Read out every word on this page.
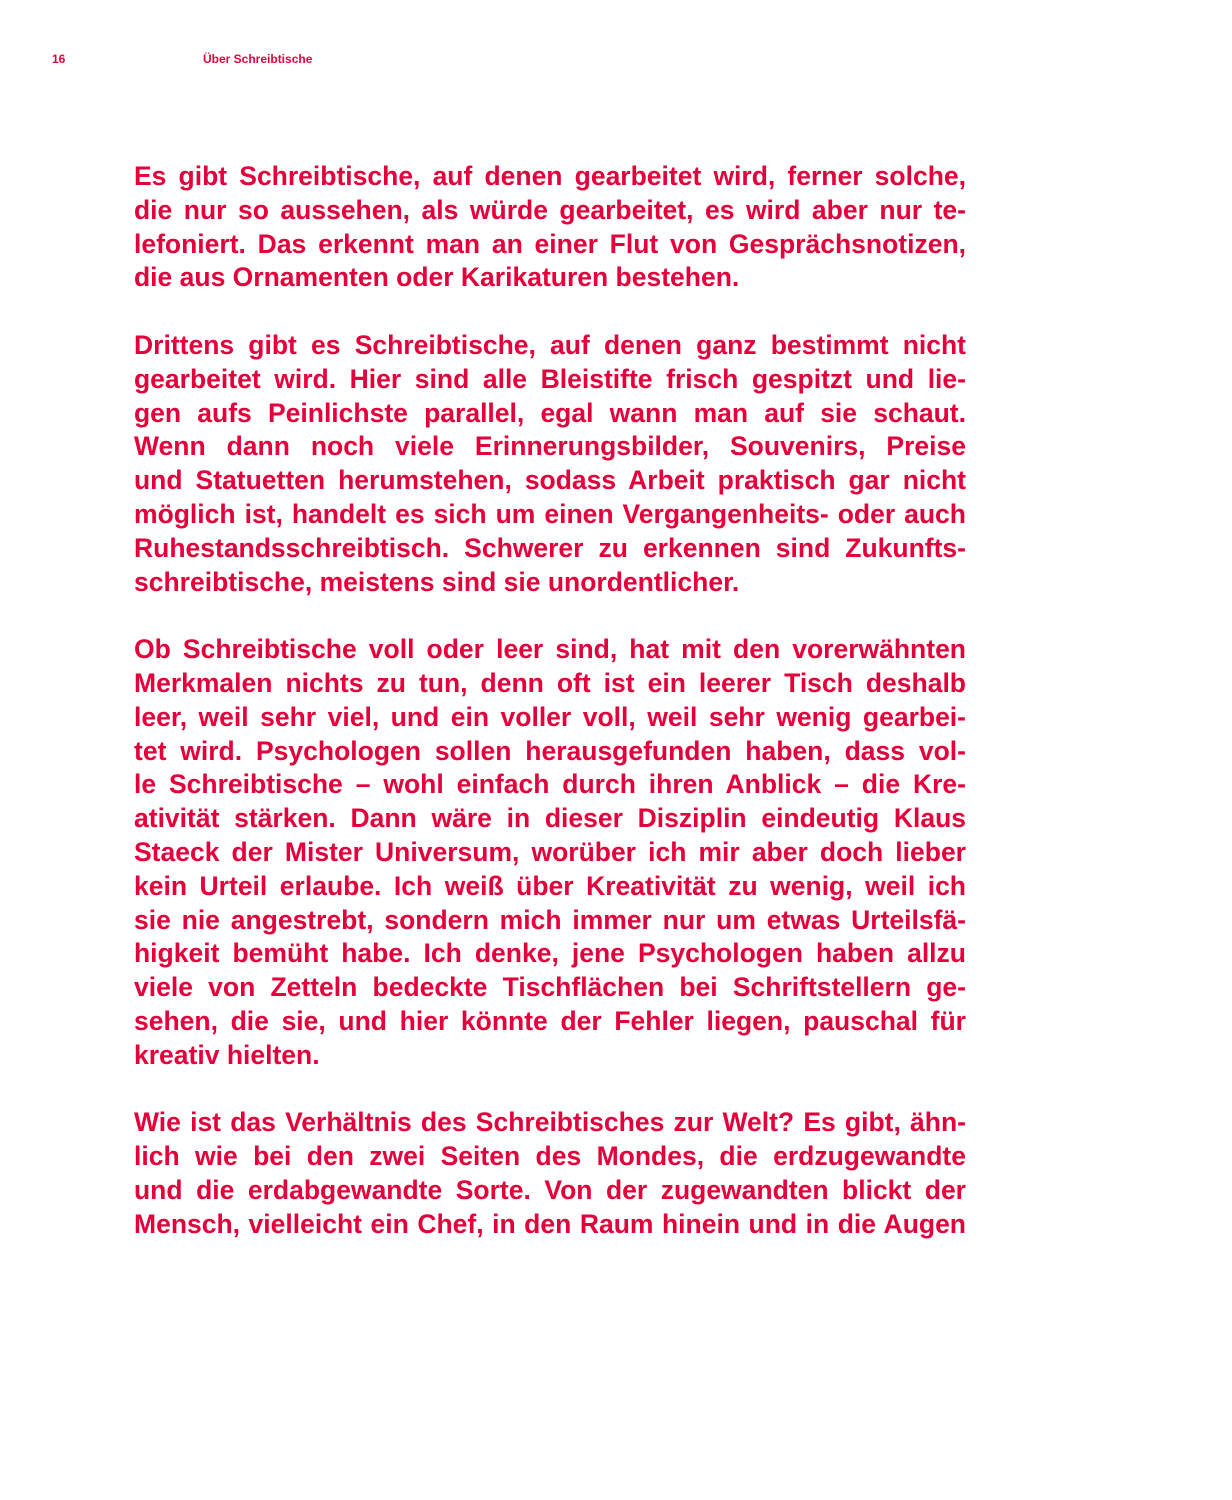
16	Über Schreibtische
Es gibt Schreibtische, auf denen gearbeitet wird, ferner solche,
die nur so aussehen, als würde gearbeitet, es wird aber nur te-
lefoniert. Das erkennt man an einer Flut von Gesprächsnotizen,
die aus Ornamenten oder Karikaturen bestehen.
Drittens gibt es Schreibtische, auf denen ganz bestimmt nicht
gearbeitet wird. Hier sind alle Bleistifte frisch gespitzt und lie-
gen aufs Peinlichste parallel, egal wann man auf sie schaut.
Wenn dann noch viele Erinnerungsbilder, Souvenirs, Preise
und Statuetten herumstehen, sodass Arbeit praktisch gar nicht
möglich ist, handelt es sich um einen Vergangenheits- oder auch
Ruhestandsschreibtisch. Schwerer zu erkennen sind Zukunfts-
schreibtische, meistens sind sie unordentlicher.
Ob Schreibtische voll oder leer sind, hat mit den vorerwähnten
Merkmalen nichts zu tun, denn oft ist ein leerer Tisch deshalb
leer, weil sehr viel, und ein voller voll, weil sehr wenig gearbei-
tet wird. Psychologen sollen herausgefunden haben, dass vol-
le Schreibtische – wohl einfach durch ihren Anblick – die Kre-
ativität stärken. Dann wäre in dieser Disziplin eindeutig Klaus
Staeck der Mister Universum, worüber ich mir aber doch lieber
kein Urteil erlaube. Ich weiß über Kreativität zu wenig, weil ich
sie nie angestrebt, sondern mich immer nur um etwas Urteilsfä-
higkeit bemüht habe. Ich denke, jene Psychologen haben allzu
viele von Zetteln bedeckte Tischflächen bei Schriftstellern ge-
sehen, die sie, und hier könnte der Fehler liegen, pauschal für
kreativ hielten.
Wie ist das Verhältnis des Schreibtisches zur Welt? Es gibt, ähn-
lich wie bei den zwei Seiten des Mondes, die erdzugewandte
und die erdabgewandte Sorte. Von der zugewandten blickt der
Mensch, vielleicht ein Chef, in den Raum hinein und in die Augen
